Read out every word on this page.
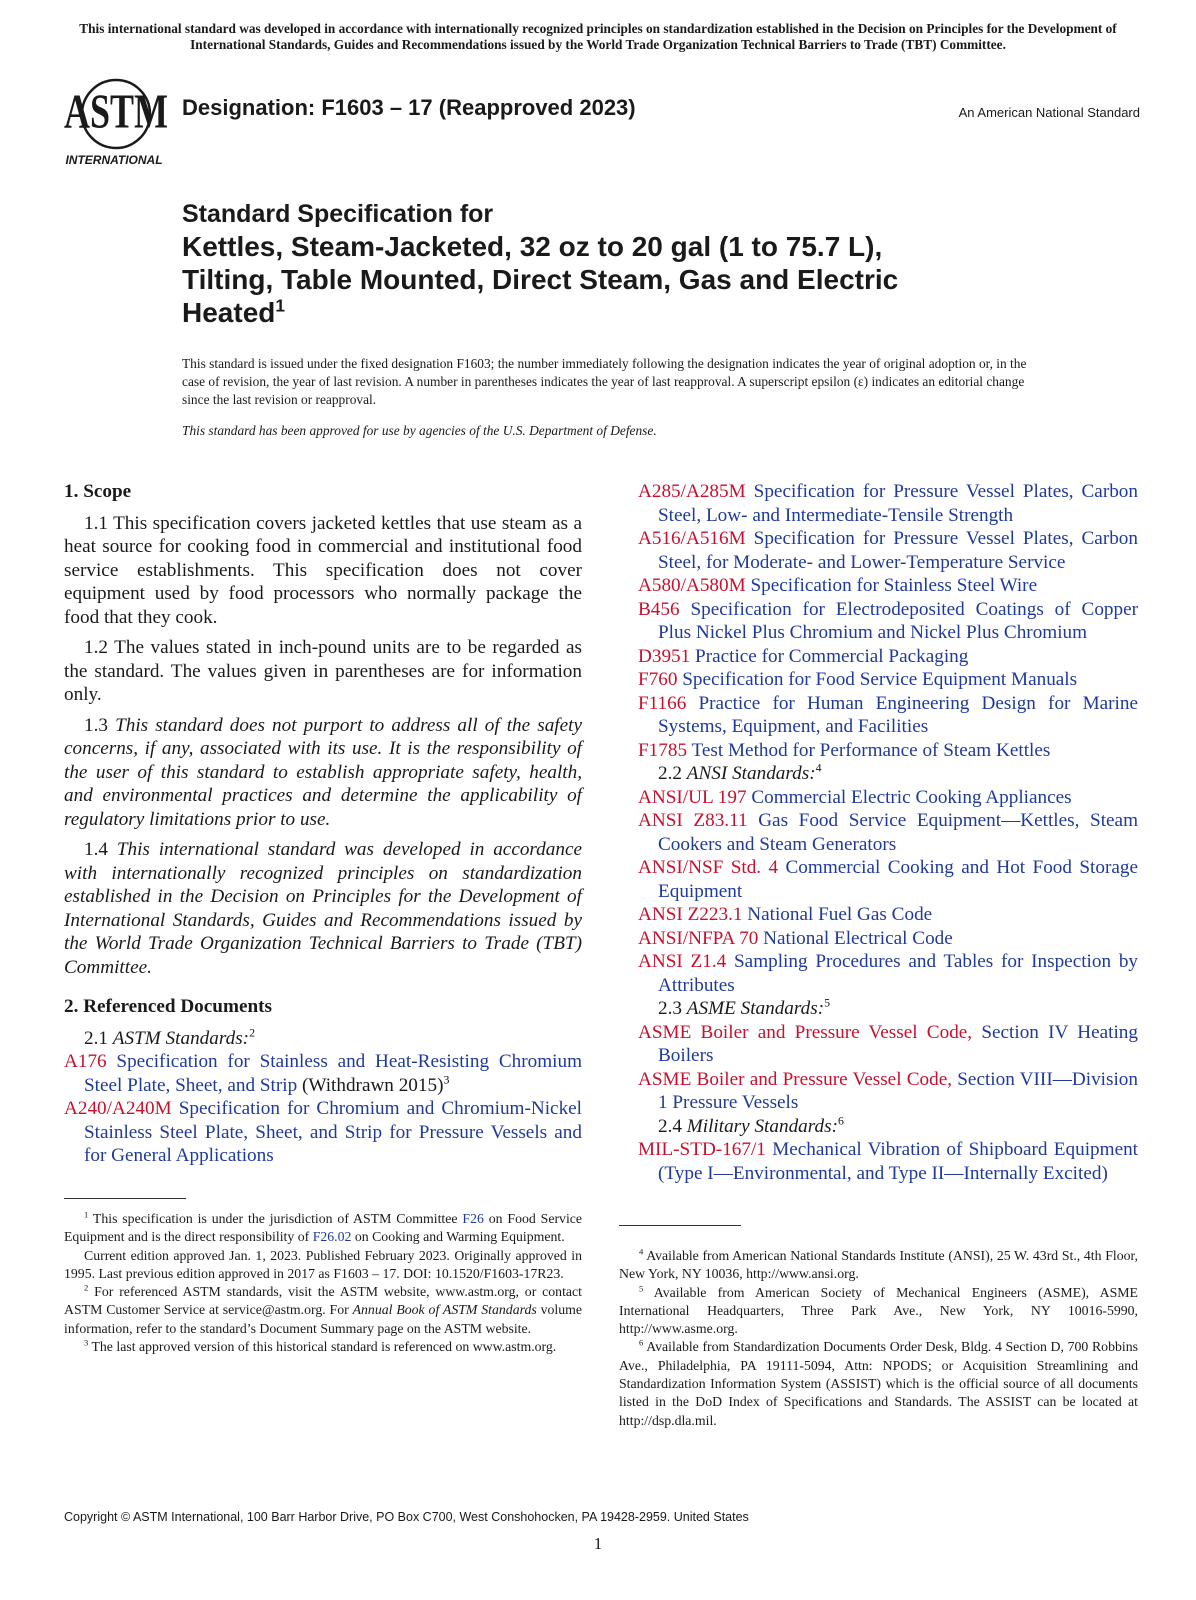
This international standard was developed in accordance with internationally recognized principles on standardization established in the Decision on Principles for the Development of International Standards, Guides and Recommendations issued by the World Trade Organization Technical Barriers to Trade (TBT) Committee.
ASTM
INTERNATIONAL
Designation: F1603 – 17 (Reapproved 2023)	An American National Standard
Standard Specification for
Kettles, Steam-Jacketed, 32 oz to 20 gal (1 to 75.7 L),
Tilting, Table Mounted, Direct Steam, Gas and Electric
Heated$^1$
This standard is issued under the fixed designation F1603; the number immediately following the designation indicates the year of original adoption or, in the case of revision, the year of last revision. A number in parentheses indicates the year of last reapproval. A superscript epsilon (ε) indicates an editorial change since the last revision or reapproval.
This standard has been approved for use by agencies of the U.S. Department of Defense.

1. Scope

1.1 This specification covers jacketed kettles that use steam as a heat source for cooking food in commercial and institutional food service establishments. This specification does not cover equipment used by food processors who normally package the food that they cook.

1.2 The values stated in inch-pound units are to be regarded as the standard. The values given in parentheses are for information only.

1.3 This standard does not purport to address all of the safety concerns, if any, associated with its use. It is the responsibility of the user of this standard to establish appropriate safety, health, and environmental practices and determine the applicability of regulatory limitations prior to use.

1.4 This international standard was developed in accordance with internationally recognized principles on standardization established in the Decision on Principles for the Development of International Standards, Guides and Recommendations issued by the World Trade Organization Technical Barriers to Trade (TBT) Committee.

2. Referenced Documents

2.1 ASTM Standards:$^2$

A176 Specification for Stainless and Heat-Resisting Chromium Steel Plate, Sheet, and Strip (Withdrawn 2015)$^3$

A240/A240M Specification for Chromium and Chromium-Nickel Stainless Steel Plate, Sheet, and Strip for Pressure Vessels and for General Applications

A285/A285M Specification for Pressure Vessel Plates, Carbon Steel, Low- and Intermediate-Tensile Strength

A516/A516M Specification for Pressure Vessel Plates, Carbon Steel, for Moderate- and Lower-Temperature Service

A580/A580M Specification for Stainless Steel Wire

B456 Specification for Electrodeposited Coatings of Copper Plus Nickel Plus Chromium and Nickel Plus Chromium

D3951 Practice for Commercial Packaging

F760 Specification for Food Service Equipment Manuals

F1166 Practice for Human Engineering Design for Marine Systems, Equipment, and Facilities

F1785 Test Method for Performance of Steam Kettles

2.2 ANSI Standards:$^4$

ANSI/UL 197 Commercial Electric Cooking Appliances

ANSI Z83.11 Gas Food Service Equipment—Kettles, Steam Cookers and Steam Generators

ANSI/NSF Std. 4 Commercial Cooking and Hot Food Storage Equipment

ANSI Z223.1 National Fuel Gas Code

ANSI/NFPA 70 National Electrical Code

ANSI Z1.4 Sampling Procedures and Tables for Inspection by Attributes

2.3 ASME Standards:$^5$

ASME Boiler and Pressure Vessel Code, Section IV Heating Boilers

ASME Boiler and Pressure Vessel Code, Section VIII—Division 1 Pressure Vessels

2.4 Military Standards:$^6$

MIL-STD-167/1 Mechanical Vibration of Shipboard Equipment (Type I—Environmental, and Type II—Internally Excited)

$^1$ This specification is under the jurisdiction of ASTM Committee F26 on Food Service Equipment and is the direct responsibility of F26.02 on Cooking and Warming Equipment.

Current edition approved Jan. 1, 2023. Published February 2023. Originally approved in 1995. Last previous edition approved in 2017 as F1603 – 17. DOI: 10.1520/F1603-17R23.

$^2$ For referenced ASTM standards, visit the ASTM website, www.astm.org, or contact ASTM Customer Service at service@astm.org. For Annual Book of ASTM Standards volume information, refer to the standard’s Document Summary page on the ASTM website.

$^3$ The last approved version of this historical standard is referenced on www.astm.org.

$^4$ Available from American National Standards Institute (ANSI), 25 W. 43rd St., 4th Floor, New York, NY 10036, http://www.ansi.org.

$^5$ Available from American Society of Mechanical Engineers (ASME), ASME International Headquarters, Three Park Ave., New York, NY 10016-5990, http://www.asme.org.

$^6$ Available from Standardization Documents Order Desk, Bldg. 4 Section D, 700 Robbins Ave., Philadelphia, PA 19111-5094, Attn: NPODS; or Acquisition Streamlining and Standardization Information System (ASSIST) which is the official source of all documents listed in the DoD Index of Specifications and Standards. The ASSIST can be located at http://dsp.dla.mil.

Copyright © ASTM International, 100 Barr Harbor Drive, PO Box C700, West Conshohocken, PA 19428-2959. United States
1
